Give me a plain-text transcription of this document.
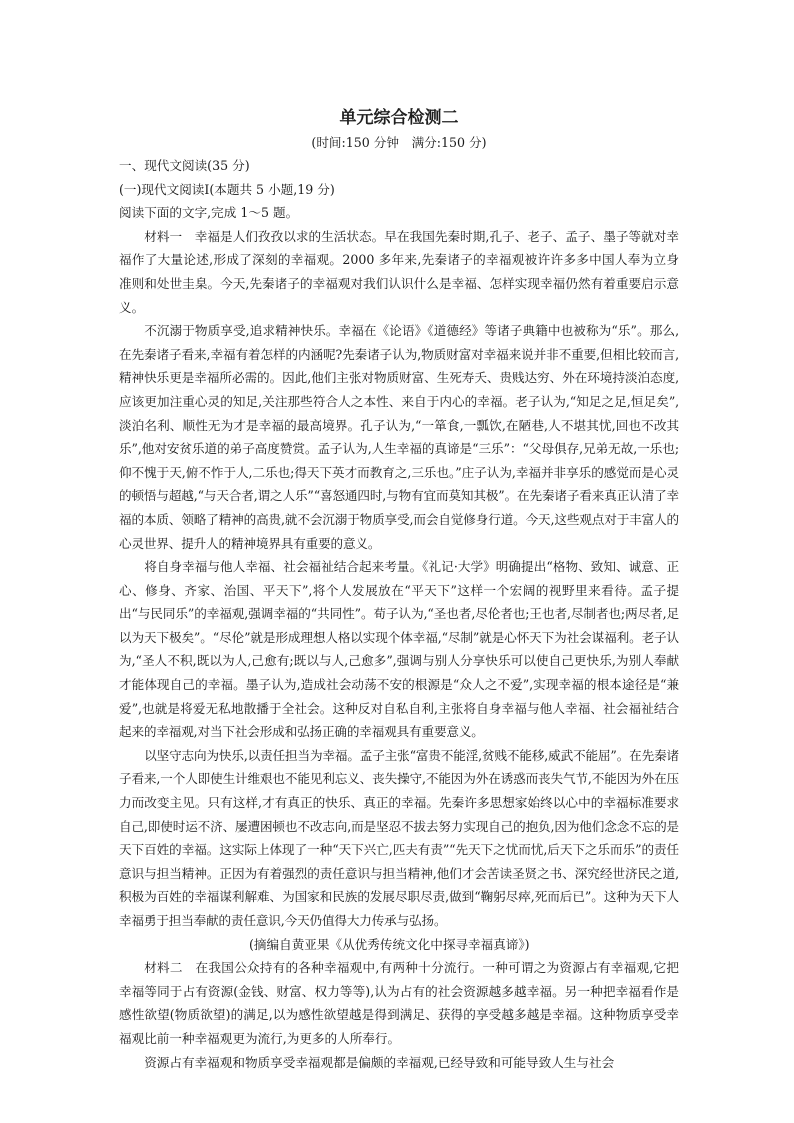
单元综合检测二

(时间:150 分钟　满分:150 分)

一、现代文阅读(35 分)

(一)现代文阅读Ⅰ(本题共 5 小题,19 分)

阅读下面的文字,完成 1～5 题。

材料一　幸福是人们孜孜以求的生活状态。早在我国先秦时期,孔子、老子、孟子、墨子等就对幸福作了大量论述,形成了深刻的幸福观。2000 多年来,先秦诸子的幸福观被许许多多中国人奉为立身准则和处世圭臬。今天,先秦诸子的幸福观对我们认识什么是幸福、怎样实现幸福仍然有着重要启示意义。

不沉溺于物质享受,追求精神快乐。幸福在《论语》《道德经》等诸子典籍中也被称为“乐”。那么,在先秦诸子看来,幸福有着怎样的内涵呢?先秦诸子认为,物质财富对幸福来说并非不重要,但相比较而言,精神快乐更是幸福所必需的。因此,他们主张对物质财富、生死寿夭、贵贱达穷、外在环境持淡泊态度,应该更加注重心灵的知足,关注那些符合人之本性、来自于内心的幸福。老子认为,“知足之足,恒足矣”,淡泊名利、顺性无为才是幸福的最高境界。孔子认为,“一箪食,一瓢饮,在陋巷,人不堪其忧,回也不改其乐”,他对安贫乐道的弟子高度赞赏。孟子认为,人生幸福的真谛是“三乐”：“父母俱存,兄弟无故,一乐也;仰不愧于天,俯不怍于人,二乐也;得天下英才而教育之,三乐也。”庄子认为,幸福并非享乐的感觉而是心灵的顿悟与超越,“与天合者,谓之人乐”“喜怒通四时,与物有宜而莫知其极”。在先秦诸子看来真正认清了幸福的本质、领略了精神的高贵,就不会沉溺于物质享受,而会自觉修身行道。今天,这些观点对于丰富人的心灵世界、提升人的精神境界具有重要的意义。

将自身幸福与他人幸福、社会福祉结合起来考量。《礼记·大学》明确提出“格物、致知、诚意、正心、修身、齐家、治国、平天下”,将个人发展放在“平天下”这样一个宏阔的视野里来看待。孟子提出“与民同乐”的幸福观,强调幸福的“共同性”。荀子认为,“圣也者,尽伦者也;王也者,尽制者也;两尽者,足以为天下极矣”。“尽伦”就是形成理想人格以实现个体幸福,“尽制”就是心怀天下为社会谋福利。老子认为,“圣人不积,既以为人,己愈有;既以与人,己愈多”,强调与别人分享快乐可以使自己更快乐,为别人奉献才能体现自己的幸福。墨子认为,造成社会动荡不安的根源是“众人之不爱”,实现幸福的根本途径是“兼爱”,也就是将爱无私地散播于全社会。这种反对自私自利,主张将自身幸福与他人幸福、社会福祉结合起来的幸福观,对当下社会形成和弘扬正确的幸福观具有重要意义。

以坚守志向为快乐,以责任担当为幸福。孟子主张“富贵不能淫,贫贱不能移,威武不能屈”。在先秦诸子看来,一个人即使生计维艰也不能见利忘义、丧失操守,不能因为外在诱惑而丧失气节,不能因为外在压力而改变主见。只有这样,才有真正的快乐、真正的幸福。先秦许多思想家始终以心中的幸福标准要求自己,即使时运不济、屡遭困顿也不改志向,而是坚忍不拔去努力实现自己的抱负,因为他们念念不忘的是天下百姓的幸福。这实际上体现了一种“天下兴亡,匹夫有责”“先天下之忧而忧,后天下之乐而乐”的责任意识与担当精神。正因为有着强烈的责任意识与担当精神,他们才会苦读圣贤之书、深究经世济民之道,积极为百姓的幸福谋利解难、为国家和民族的发展尽职尽责,做到“鞠躬尽瘁,死而后已”。这种为天下人幸福勇于担当奉献的责任意识,今天仍值得大力传承与弘扬。

(摘编自黄亚果《从优秀传统文化中探寻幸福真谛》)

材料二　在我国公众持有的各种幸福观中,有两种十分流行。一种可谓之为资源占有幸福观,它把幸福等同于占有资源(金钱、财富、权力等等),认为占有的社会资源越多越幸福。另一种把幸福看作是感性欲望(物质欲望)的满足,以为感性欲望越是得到满足、获得的享受越多越是幸福。这种物质享受幸福观比前一种幸福观更为流行,为更多的人所奉行。

资源占有幸福观和物质享受幸福观都是偏颇的幸福观,已经导致和可能导致人生与社会
